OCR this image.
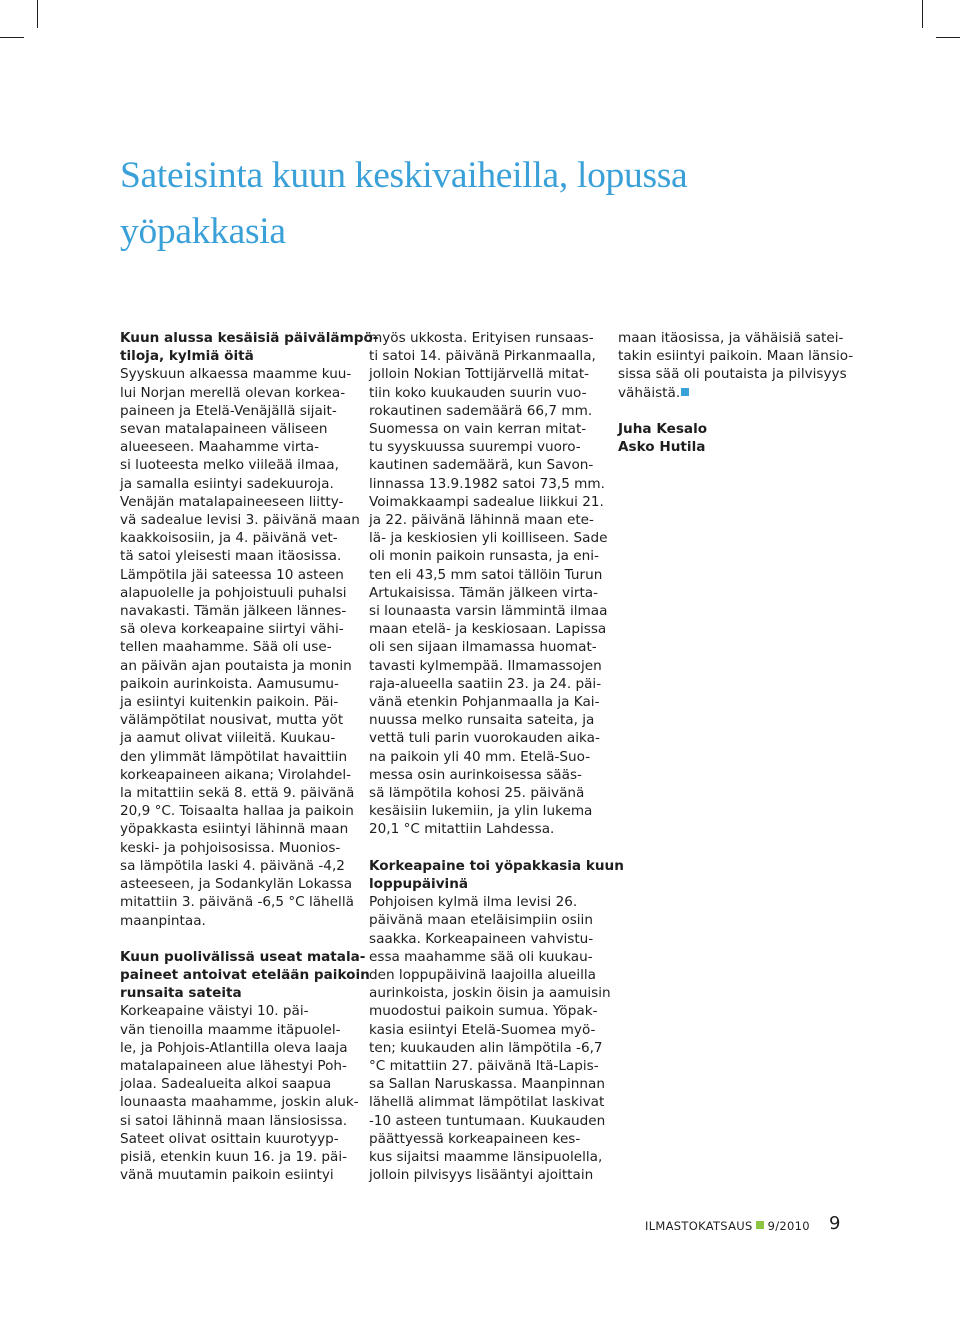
Sateisinta kuun keskivaiheilla, lopussa yöpakkasia
Kuun alussa kesäisiä päivälämpö-
tiloja, kylmiä öitä

Syyskuun alkaessa maamme kuu-

lui Norjan merellä olevan korkea-

paineen ja Etelä-Venäjällä sijait-

sevan matalapaineen väliseen

alueeseen. Maahamme virta-

si luoteesta melko viileää ilmaa,

ja samalla esiintyi sadekuuroja.

Venäjän matalapaineeseen liitty-

vä sadealue levisi 3. päivänä maan

kaakkoisosiin, ja 4. päivänä vet-

tä satoi yleisesti maan itäosissa.

Lämpötila jäi sateessa 10 asteen

alapuolelle ja pohjoistuuli puhalsi

navakasti. Tämän jälkeen lännes-

sä oleva korkeapaine siirtyi vähi-

tellen maahamme. Sää oli use-

an päivän ajan poutaista ja monin

paikoin aurinkoista. Aamusumu-

ja esiintyi kuitenkin paikoin. Päi-

välämpötilat nousivat, mutta yöt

ja aamut olivat viileitä. Kuukau-

den ylimmät lämpötilat havaittiin

korkeapaineen aikana; Virolahdel-

la mitattiin sekä 8. että 9. päivänä

20,9 °C. Toisaalta hallaa ja paikoin

yöpakkasta esiintyi lähinnä maan

keski- ja pohjoisosissa. Muonios-

sa lämpötila laski 4. päivänä -4,2

asteeseen, ja Sodankylän Lokassa

mitattiin 3. päivänä -6,5 °C lähellä

maanpintaa.

Kuun puolivälissä useat matala-
paineet antoivat etelään paikoin
runsaita sateita

Korkeapaine väistyi 10. päi-

vän tienoilla maamme itäpuolel-

le, ja Pohjois-Atlantilla oleva laaja

matalapaineen alue lähestyi Poh-

jolaa. Sadealueita alkoi saapua

lounaasta maahamme, joskin aluk-

si satoi lähinnä maan länsiosissa.

Sateet olivat osittain kuurotyyp-

pisiä, etenkin kuun 16. ja 19. päi-

vänä muutamin paikoin esiintyi

myös ukkosta. Erityisen runsaas-

ti satoi 14. päivänä Pirkanmaalla,

jolloin Nokian Tottijärvellä mitat-

tiin koko kuukauden suurin vuo-

rokautinen sademäärä 66,7 mm.

Suomessa on vain kerran mitat-

tu syyskuussa suurempi vuoro-

kautinen sademäärä, kun Savon-

linnassa 13.9.1982 satoi 73,5 mm.

Voimakkaampi sadealue liikkui 21.

ja 22. päivänä lähinnä maan ete-

lä- ja keskiosien yli koilliseen. Sade

oli monin paikoin runsasta, ja eni-

ten eli 43,5 mm satoi tällöin Turun

Artukaisissa. Tämän jälkeen virta-

si lounaasta varsin lämmintä ilmaa

maan etelä- ja keskiosaan. Lapissa

oli sen sijaan ilmamassa huomat-

tavasti kylmempää. Ilmamassojen

raja-alueella saatiin 23. ja 24. päi-

vänä etenkin Pohjanmaalla ja Kai-

nuussa melko runsaita sateita, ja

vettä tuli parin vuorokauden aika-

na paikoin yli 40 mm. Etelä-Suo-

messa osin aurinkoisessa sääs-

sä lämpötila kohosi 25. päivänä

kesäisiin lukemiin, ja ylin lukema

20,1 °C mitattiin Lahdessa.

Korkeapaine toi yöpakkasia kuun
loppupäivinä

Pohjoisen kylmä ilma levisi 26.

päivänä maan eteläisimpiin osiin

saakka. Korkeapaineen vahvistu-

essa maahamme sää oli kuukau-

den loppupäivinä laajoilla alueilla

aurinkoista, joskin öisin ja aamuisin

muodostui paikoin sumua. Yöpak-

kasia esiintyi Etelä-Suomea myö-

ten; kuukauden alin lämpötila -6,7

°C mitattiin 27. päivänä Itä-Lapis-

sa Sallan Naruskassa. Maanpinnan

lähellä alimmat lämpötilat laskivat

-10 asteen tuntumaan. Kuukauden

päättyessä korkeapaineen kes-

kus sijaitsi maamme länsipuolella,

jolloin pilvisyys lisääntyi ajoittain

maan itäosissa, ja vähäisiä satei-

takin esiintyi paikoin. Maan länsio-

sissa sää oli poutaista ja pilvisyys

vähäistä.

Juha Kesalo
Asko Hutila
ILMASTOKATSAUS 9/2010 9
